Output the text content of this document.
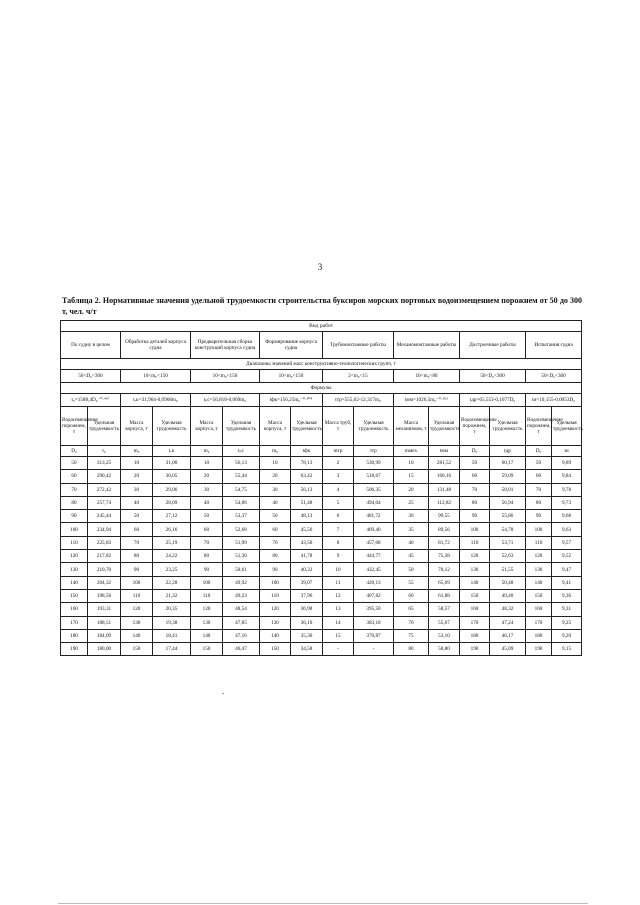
3
Таблица 2. Нормативные значения удельной трудоемкости строительства буксиров морских портовых водоизмещением порожнем от 50 до 300 т, чел. ч/т
Вид работ															
По судну в целом		Обработка деталей корпуса судна		Предварительная сборка конструкций корпуса судна		Формирование корпуса судна		Трубомонтажные работы		Механомонтажные работы		Достроечные работы		Испытания судна	
Диапазоны значений масс конструктивно-технологических групп, т															
50<D₀<300		10<m₀<150		10<m₀<150		10<m₀<150		2<m₀<15		10<m₀<80		50<D₀<300		50<D₀<300	
Формулы															
t₀=1588,4D₀⁻⁰·⁴⁶⁷		tₒк=31,964-0,0968m₀		tₚс=56,818-0,069m₀		tфк=156,25m₀⁻⁰·³⁰⁴		tтр=555,62-12,317m₀		tмм=1026,5m₀⁻⁰·⁵⁶⁶		tдр=65,553-0,1077D₀		tи=10,155-0,0053D₀	
Водоизмещение порожнем, т	Удельная трудоемкость	Масса корпуса, т	Удельная трудоемкость	Масса корпуса, т	Удельная трудоемкость	Масса корпуса, т	Удельная трудоемкость	Масса труб, т	Удельная трудоемкость	Масса механизмов, т	Удельная трудоемкость	Водоизмещение порожнем, т	Удельная трудоемкость	Водоизмещение порожнем, т	Удельная трудоемкость
D₀	t₀	m₀	tₒк	m₀	tₚс	m₀	tфк	mтр	tтр	mмех	tмм	D₀	tдр	D₀	tи
50	313,25	10	31,00	10	56,13	10	78,13	2	530,99	10	281,52	50	60,17	50	9,89
60	290,42	20	30,05	20	55,44	20	63,42	3	518,67	15	160,16	60	59,09	60	9,84
70	272,42	30	29,06	30	54,75	30	56,13	4	506,35	20	131,48	70	58,01	70	9,78
80	257,74	40	28,09	40	54,06	40	51,48	5	494,04	25	112,82	80	56,94	80	9,73
90	245,44	50	27,12	50	53,37	50	48,13	6	481,72	30	99,55	90	55,86	90	9,68
100	234,94	60	26,16	60	52,68	60	45,56	7	469,40	35	89,56	100	54,78	100	9,63
110	225,83	70	25,19	70	51,99	70	43,50	8	457,08	40	81,72	110	53,71	110	9,57
120	217,82	80	24,22	80	51,30	80	41,78	9	444,77	45	75,38	120	52,63	120	9,52
130	210,70	90	23,25	90	50,61	90	40,33	10	432,45	50	70,12	130	51,55	130	9,47
140	204,32	100	22,28	100	49,92	100	39,07	11	420,13	55	65,69	140	50,48	140	9,41
150	198,56	110	21,32	110	49,23	110	37,96	12	407,82	60	61,88	150	49,40	150	9,36
160	193,31	120	20,35	120	48,54	120	36,98	13	395,50	65	58,57	160	48,32	160	9,31
170	188,51	130	19,38	130	47,85	130	36,10	14	383,18	70	55,67	170	47,24	170	9,25
180	184,09	140	18,41	140	47,16	140	35,30	15	370,87	75	53,10	180	46,17	180	9,20
190	180,00	150	17,44	150	46,47	150	34,58	-	-	80	50,80	190	45,09	190	9,15
